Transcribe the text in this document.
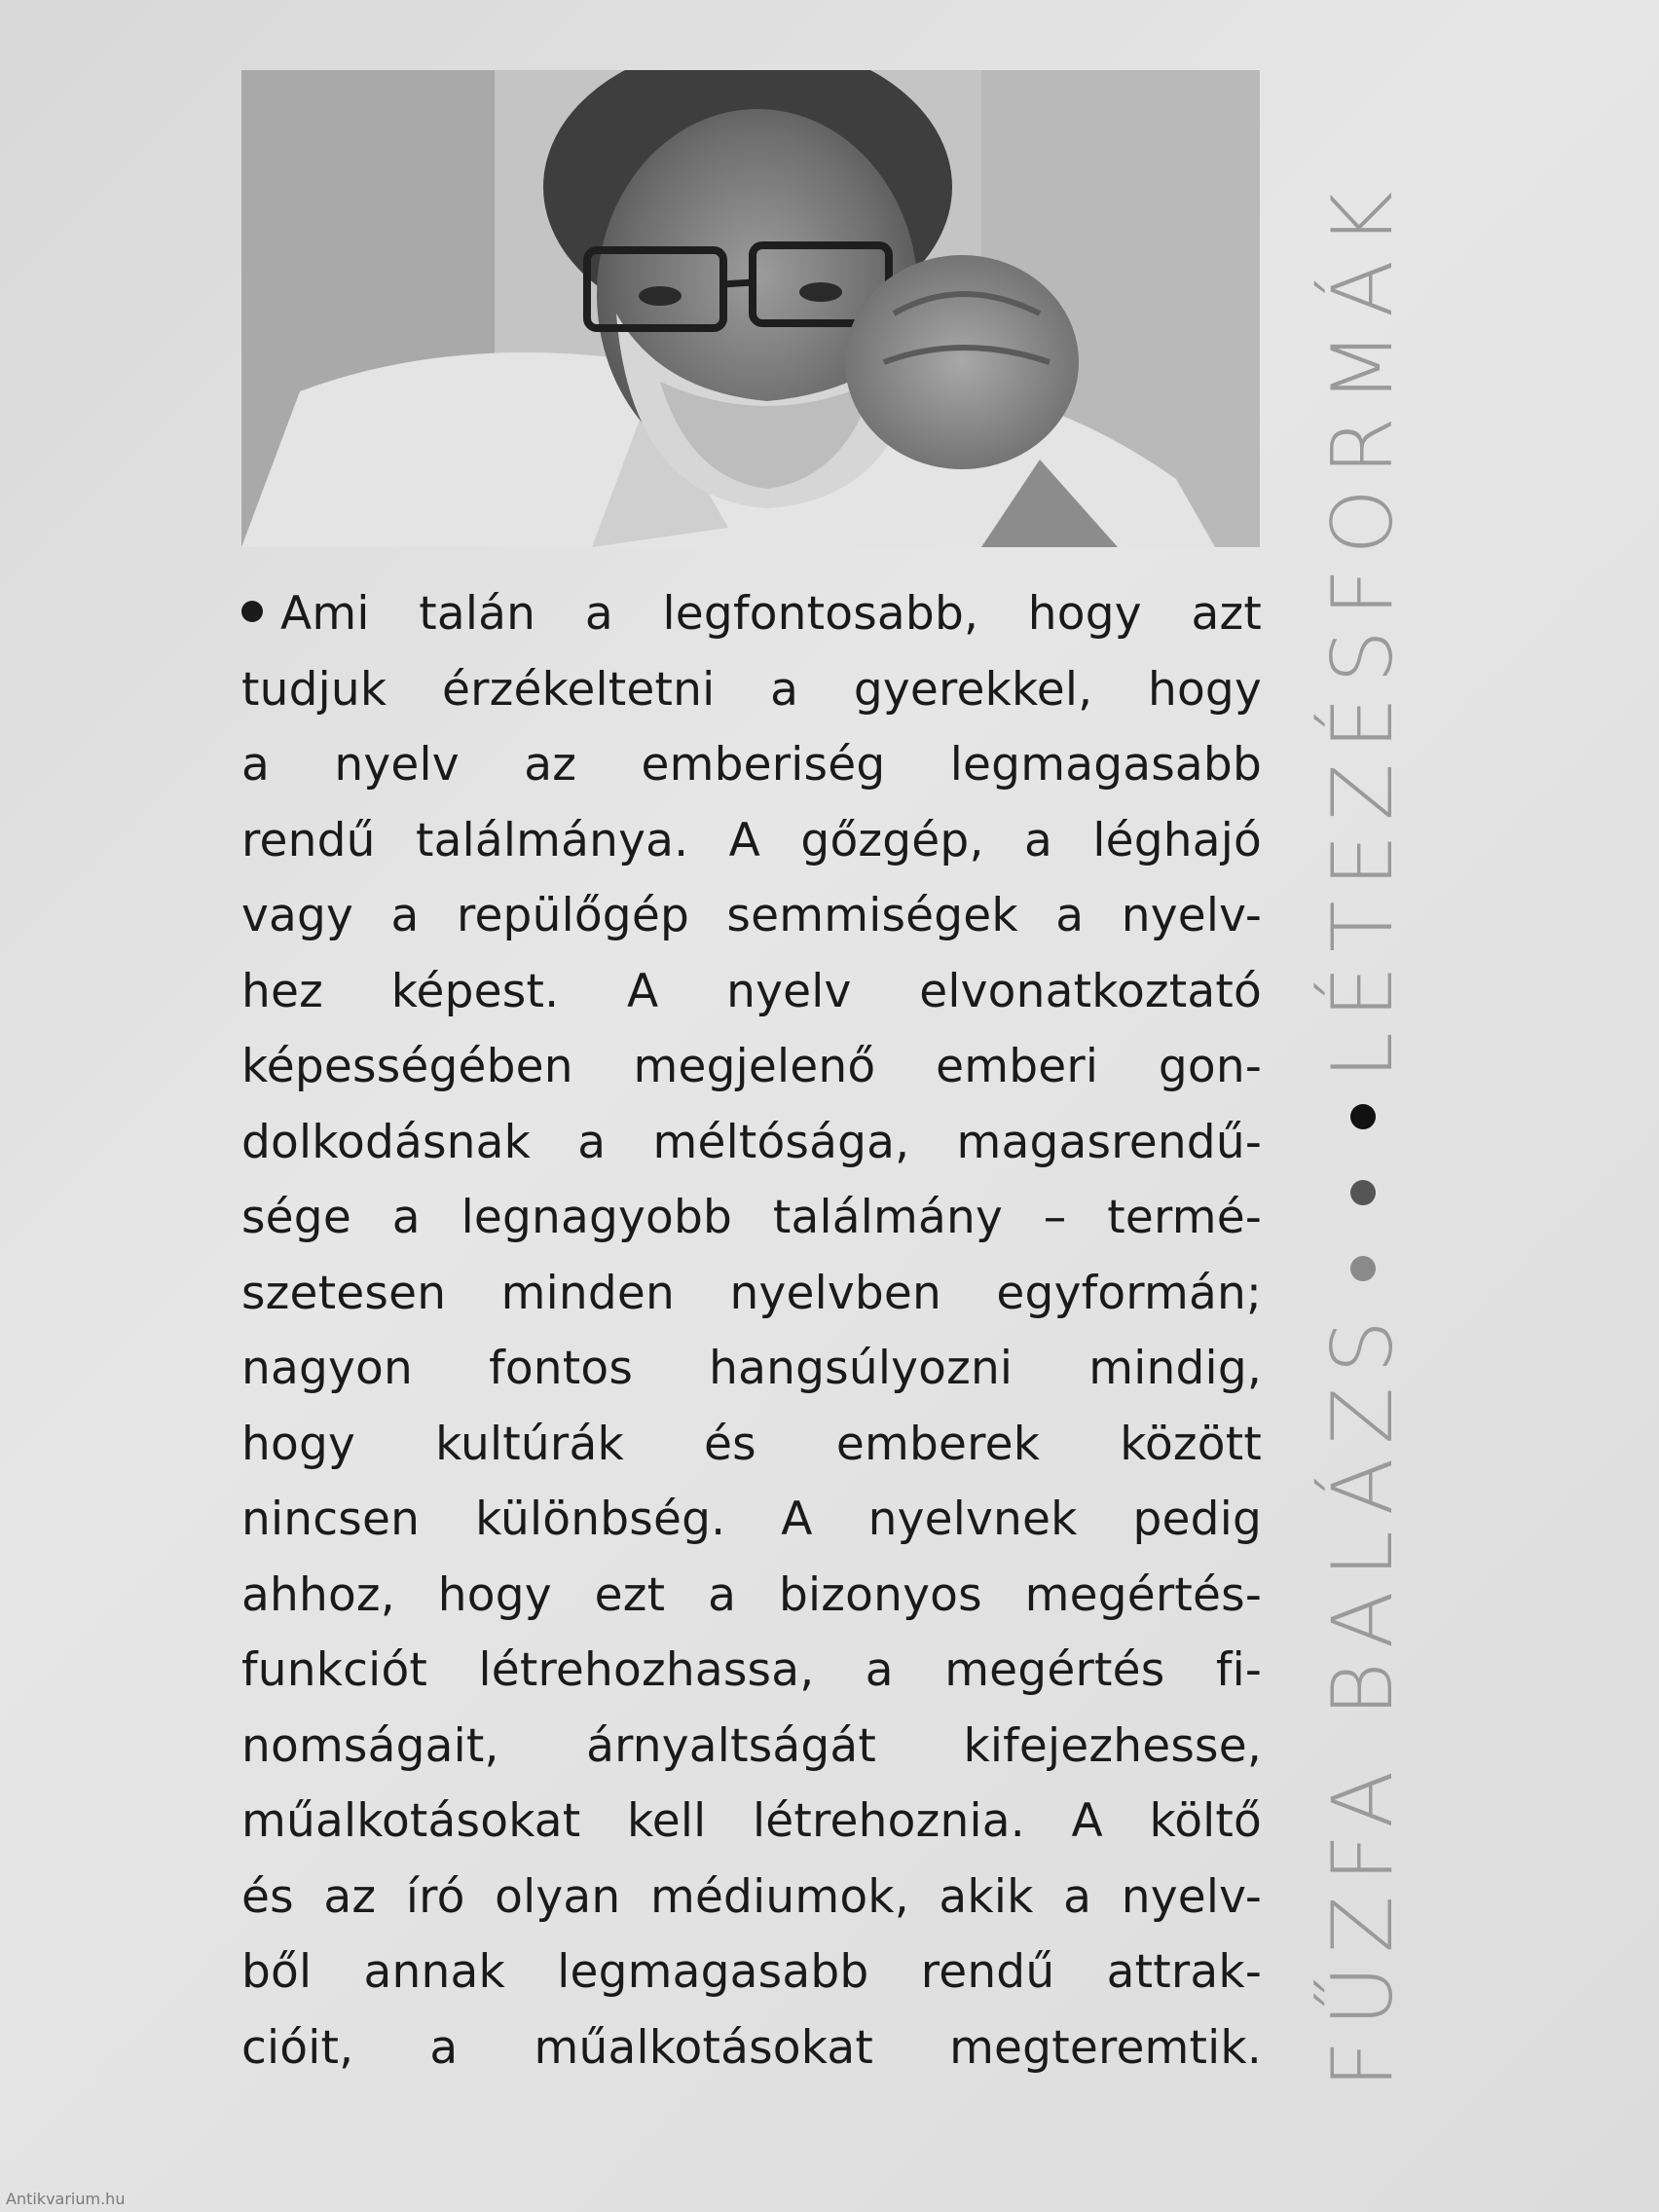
Ami talán a legfontosabb, hogy azt
tudjuk érzékeltetni a gyerekkel, hogy
a nyelv az emberiség legmagasabb
rendű találmánya. A gőzgép, a léghajó
vagy a repülőgép semmiségek a nyelv-
hez képest. A nyelv elvonatkoztató
képességében megjelenő emberi gon-
dolkodásnak a méltósága, magasrendű-
sége a legnagyobb találmány – termé-
szetesen minden nyelvben egyformán;
nagyon fontos hangsúlyozni mindig,
hogy kultúrák és emberek között
nincsen különbség. A nyelvnek pedig
ahhoz, hogy ezt a bizonyos megértés-
funkciót létrehozhassa, a megértés fi-
nomságait, árnyaltságát kifejezhesse,
műalkotásokat kell létrehoznia. A költő
és az író olyan médiumok, akik a nyelv-
ből annak legmagasabb rendű attrak-
cióit, a műalkotásokat megteremtik. FŰZFA BALÁZS
LÉTEZÉSFORMÁK
Antikvarium.hu
